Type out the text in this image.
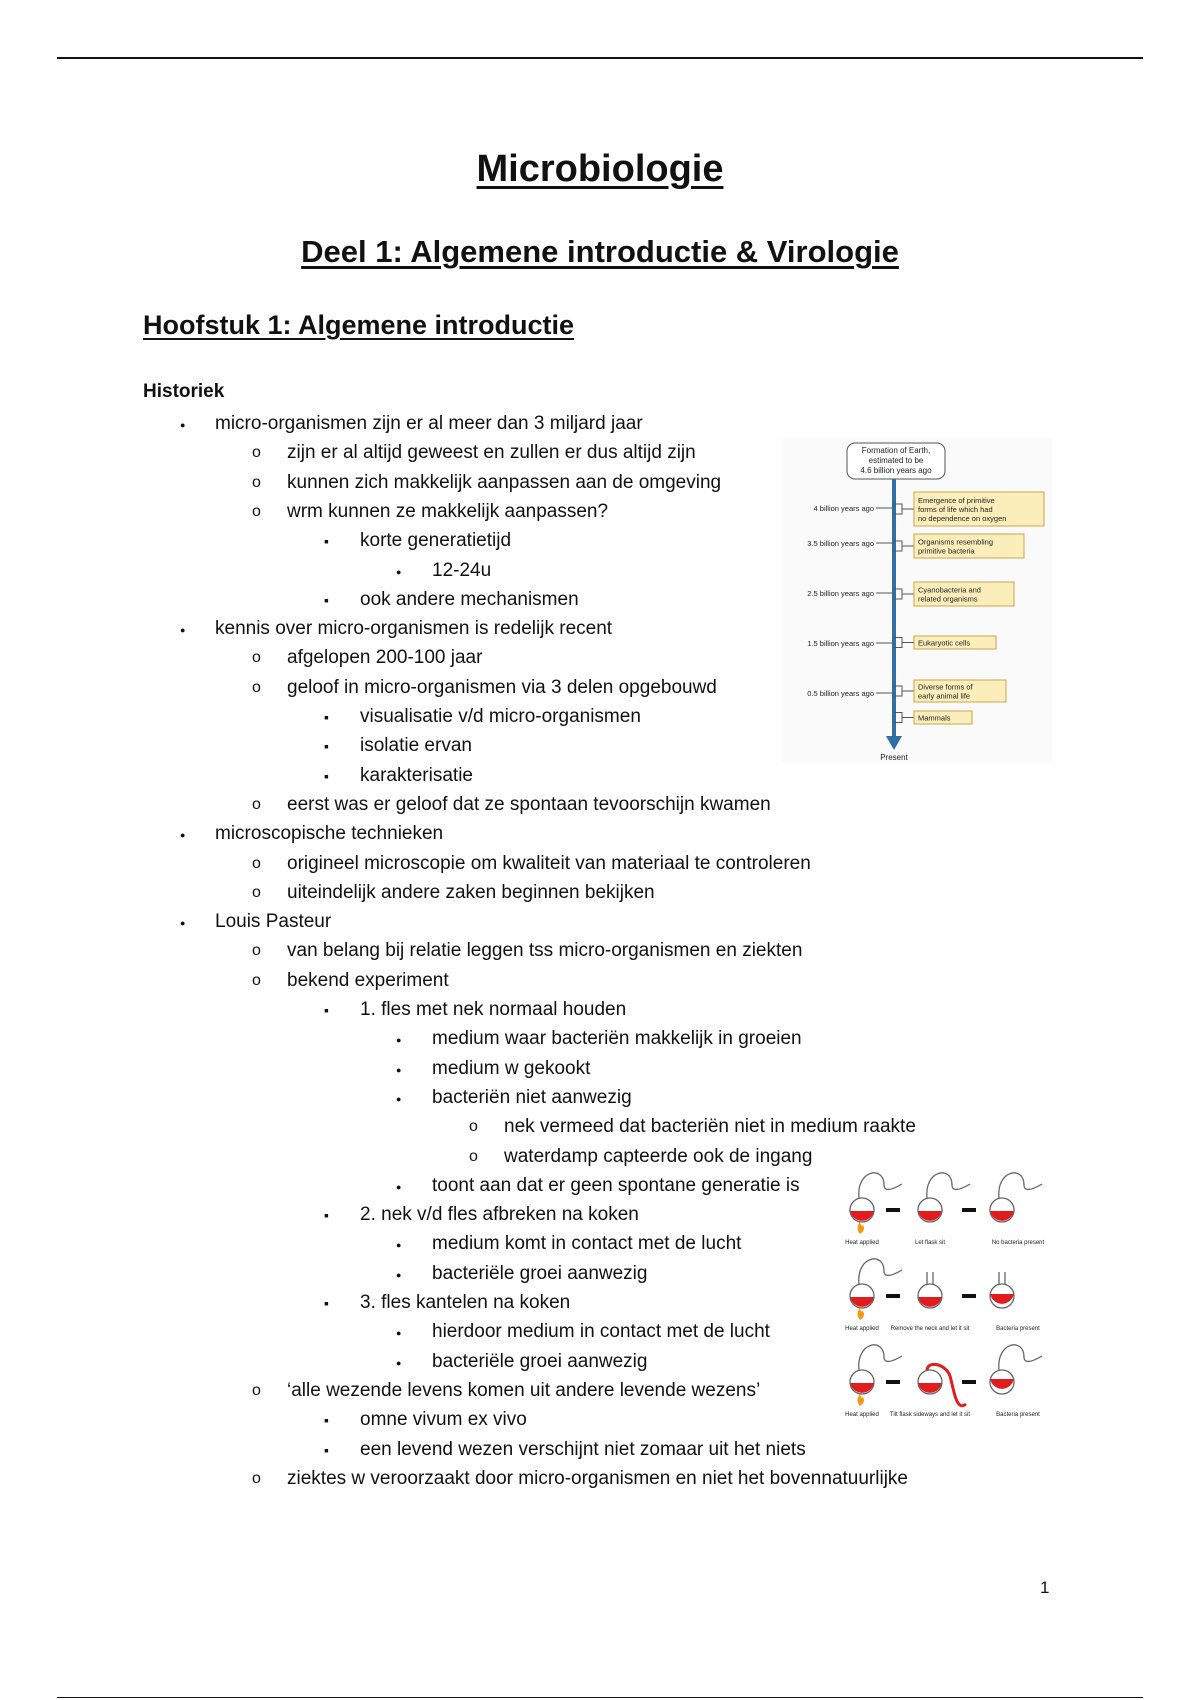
Microbiologie
Deel 1: Algemene introductie & Virologie
Hoofstuk 1: Algemene introductie
Historiek
●
micro-organismen zijn er al meer dan 3 miljard jaar
o
zijn er al altijd geweest en zullen er dus altijd zijn
o
kunnen zich makkelijk aanpassen aan de omgeving
o
wrm kunnen ze makkelijk aanpassen?
▪
korte generatietijd
●
12-24u
▪
ook andere mechanismen
●
kennis over micro-organismen is redelijk recent
o
afgelopen 200-100 jaar
o
geloof in micro-organismen via 3 delen opgebouwd
▪
visualisatie v/d micro-organismen
▪
isolatie ervan
▪
karakterisatie
o
eerst was er geloof dat ze spontaan tevoorschijn kwamen
●
microscopische technieken
o
origineel microscopie om kwaliteit van materiaal te controleren
o
uiteindelijk andere zaken beginnen bekijken
●
Louis Pasteur
o
van belang bij relatie leggen tss micro-organismen en ziekten
o
bekend experiment
▪
1. fles met nek normaal houden
●
medium waar bacteriën makkelijk in groeien
●
medium w gekookt
●
bacteriën niet aanwezig
o
nek vermeed dat bacteriën niet in medium raakte
o
waterdamp capteerde ook de ingang
●
toont aan dat er geen spontane generatie is
▪
2. nek v/d fles afbreken na koken
●
medium komt in contact met de lucht
●
bacteriële groei aanwezig
▪
3. fles kantelen na koken
●
hierdoor medium in contact met de lucht
●
bacteriële groei aanwezig
o
‘alle wezende levens komen uit andere levende wezens’
▪
omne vivum ex vivo
▪
een levend wezen verschijnt niet zomaar uit het niets
o
ziektes w veroorzaakt door micro-organismen en niet het bovennatuurlijke
Formation of Earth,
estimated to be
4.6 billion years ago
Present
4 billion years ago
3.5 billion years ago
2.5 billion years ago
1.5 billion years ago
0.5 billion years ago
Emergence of primitive
forms of life which had
no dependence on oxygen
Organisms resembling
primitive bacteria
Cyanobacteria and
related organisms
Eukaryotic cells
Diverse forms of
early animal life
Mammals
Heat applied	Let flask sit	No bacteria present
Heat applied Remove the neck and let it sit	Bacteria present
Heat applied Tilt flask sideways and let it sit	Bacteria present
1
